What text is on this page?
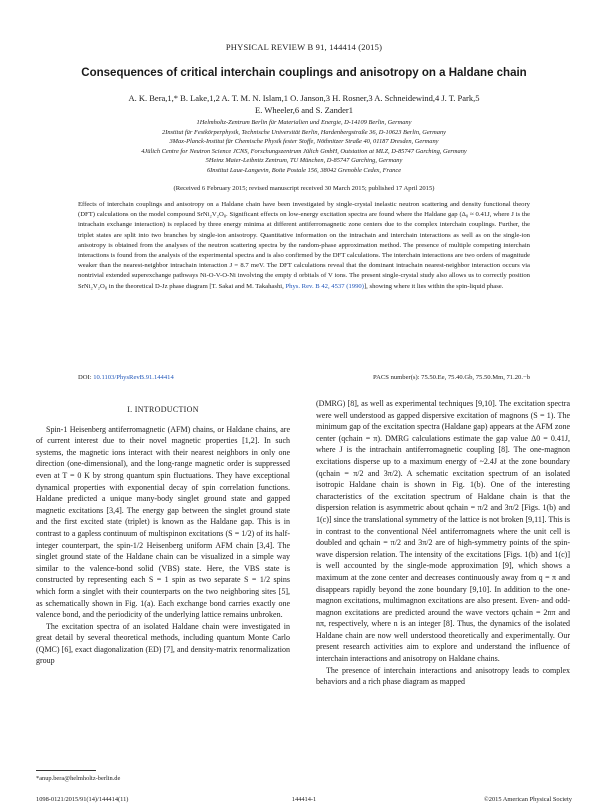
PHYSICAL REVIEW B 91, 144414 (2015)
Consequences of critical interchain couplings and anisotropy on a Haldane chain
A. K. Bera,1,* B. Lake,1,2 A. T. M. N. Islam,1 O. Janson,3 H. Rosner,3 A. Schneidewind,4 J. T. Park,5
E. Wheeler,6 and S. Zander1
1Helmholtz-Zentrum Berlin für Materialien und Energie, D-14109 Berlin, Germany
2Institut für Festkörperphysik, Technische Universität Berlin, Hardenbergstraße 36, D-10623 Berlin, Germany
3Max-Planck-Institut für Chemische Physik fester Stoffe, Nöthnitzer Straße 40, 01187 Dresden, Germany
4Jülich Centre for Neutron Science JCNS, Forschungszentrum Jülich GmbH, Outstation at MLZ, D-85747 Garching, Germany
5Heinz Maier-Leibnitz Zentrum, TU München, D-85747 Garching, Germany
6Institut Laue-Langevin, Boite Postale 156, 38042 Grenoble Cedex, France
(Received 6 February 2015; revised manuscript received 30 March 2015; published 17 April 2015)

Effects of interchain couplings and anisotropy on a Haldane chain have been investigated by single-crystal inelastic neutron scattering and density functional theory (DFT) calculations on the model compound SrNi₂V₂O₈. Significant effects on low-energy excitation spectra are found where the Haldane gap (Δ₀ ≈ 0.41J, where J is the intrachain exchange interaction) is replaced by three energy minima at different antiferromagnetic zone centers due to the complex interchain couplings. Further, the triplet states are split into two branches by single-ion anisotropy. Quantitative information on the intrachain and interchain interactions as well as on the single-ion anisotropy is obtained from the analyses of the neutron scattering spectra by the random-phase approximation method. The presence of multiple competing interchain interactions is found from the analysis of the experimental spectra and is also confirmed by the DFT calculations. The interchain interactions are two orders of magnitude weaker than the nearest-neighbor intrachain interaction J = 8.7 meV. The DFT calculations reveal that the dominant intrachain nearest-neighbor interaction occurs via nontrivial extended superexchange pathways Ni-O-V-O-Ni involving the empty d orbitals of V ions. The present single-crystal study also allows us to correctly position SrNi₂V₂O₈ in the theoretical D-Jz phase diagram [T. Sakai and M. Takahashi, Phys. Rev. B 42, 4537 (1990)], showing where it lies within the spin-liquid phase.

DOI: 10.1103/PhysRevB.91.144414	PACS number(s): 75.50.Ee, 75.40.Gb, 75.50.Mm, 71.20.−b
I. INTRODUCTION

Spin-1 Heisenberg antiferromagnetic (AFM) chains, or Haldane chains, are of current interest due to their novel magnetic properties [1,2]. In such systems, the magnetic ions interact with their nearest neighbors in only one direction (one-dimensional), and the long-range magnetic order is suppressed even at T = 0 K by strong quantum spin fluctuations. They have exceptional dynamical properties with exponential decay of spin correlation functions. Haldane predicted a unique many-body singlet ground state and gapped magnetic excitations [3,4]. The energy gap between the singlet ground state and the first excited state (triplet) is known as the Haldane gap. This is in contrast to a gapless continuum of multispinon excitations (S = 1/2) of its half-integer counterpart, the spin-1/2 Heisenberg uniform AFM chain [3,4]. The singlet ground state of the Haldane chain can be visualized in a simple way similar to the valence-bond solid (VBS) state. Here, the VBS state is constructed by representing each S = 1 spin as two separate S = 1/2 spins which form a singlet with their counterparts on the two neighboring sites [5], as schematically shown in Fig. 1(a). Each exchange bond carries exactly one valence bond, and the periodicity of the underlying lattice remains unbroken.

The excitation spectra of an isolated Haldane chain were investigated in great detail by several theoretical methods, including quantum Monte Carlo (QMC) [6], exact diagonalization (ED) [7], and density-matrix renormalization group

(DMRG) [8], as well as experimental techniques [9,10]. The excitation spectra were well understood as gapped dispersive excitation of magnons (S = 1). The minimum gap of the excitation spectra (Haldane gap) appears at the AFM zone center (qchain = π). DMRG calculations estimate the gap value Δ0 = 0.41J, where J is the intrachain antiferromagnetic coupling [8]. The one-magnon excitations disperse up to a maximum energy of ~2.4J at the zone boundary (qchain = π/2 and 3π/2). A schematic excitation spectrum of an isolated isotropic Haldane chain is shown in Fig. 1(b). One of the interesting characteristics of the excitation spectrum of Haldane chain is that the dispersion relation is asymmetric about qchain = π/2 and 3π/2 [Figs. 1(b) and 1(c)] since the translational symmetry of the lattice is not broken [9,11]. This is in contrast to the conventional Néel antiferromagnets where the unit cell is doubled and qchain = π/2 and 3π/2 are of high-symmetry points of the spin-wave dispersion relation. The intensity of the excitations [Figs. 1(b) and 1(c)] is well accounted by the single-mode approximation [9], which shows a maximum at the zone center and decreases continuously away from q = π and disappears rapidly beyond the zone boundary [9,10]. In addition to the one-magnon excitations, multimagnon excitations are also present. Even- and odd-magnon excitations are predicted around the wave vectors qchain = 2nπ and nπ, respectively, where n is an integer [8]. Thus, the dynamics of the isolated Haldane chain are now well understood theoretically and experimentally. Our present research activities aim to explore and understand the influence of interchain interactions and anisotropy on Haldane chains.

The presence of interchain interactions and anisotropy leads to complex behaviors and a rich phase diagram as mapped

*anup.bera@helmholtz-berlin.de
1098-0121/2015/91(14)/144414(11)	144414-1	©2015 American Physical Society
